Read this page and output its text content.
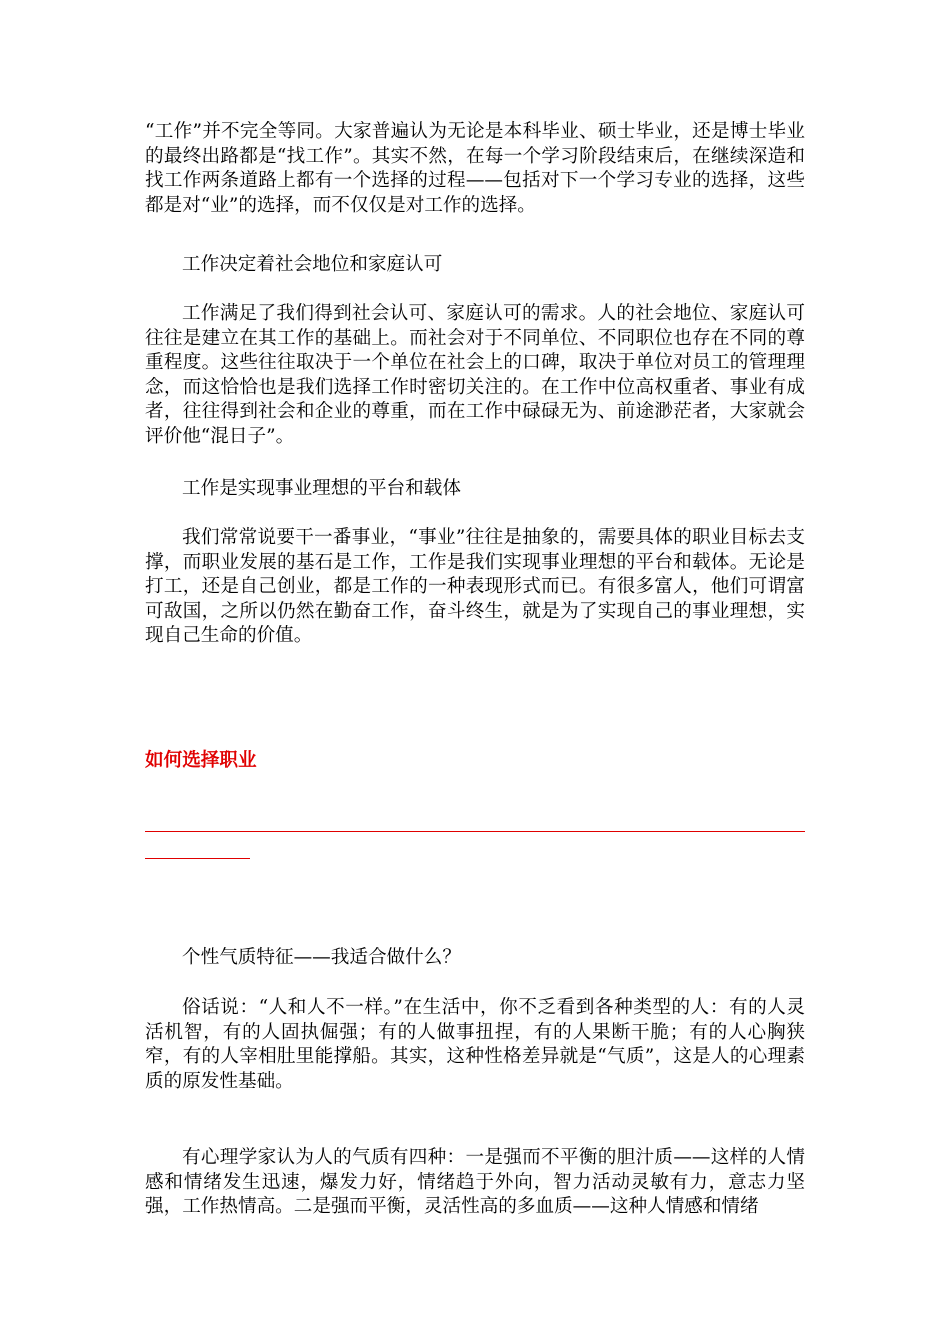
“工作”并不完全等同。大家普遍认为无论是本科毕业、硕士毕业，还是博士毕业的最终出路都是“找工作”。其实不然，在每一个学习阶段结束后，在继续深造和找工作两条道路上都有一个选择的过程——包括对下一个学习专业的选择，这些都是对“业”的选择，而不仅仅是对工作的选择。

工作决定着社会地位和家庭认可

工作满足了我们得到社会认可、家庭认可的需求。人的社会地位、家庭认可往往是建立在其工作的基础上。而社会对于不同单位、不同职位也存在不同的尊重程度。这些往往取决于一个单位在社会上的口碑，取决于单位对员工的管理理念，而这恰恰也是我们选择工作时密切关注的。在工作中位高权重者、事业有成者，往往得到社会和企业的尊重，而在工作中碌碌无为、前途渺茫者，大家就会评价他“混日子”。

工作是实现事业理想的平台和载体

我们常常说要干一番事业，“事业”往往是抽象的，需要具体的职业目标去支撑，而职业发展的基石是工作，工作是我们实现事业理想的平台和载体。无论是打工，还是自己创业，都是工作的一种表现形式而已。有很多富人，他们可谓富可敌国，之所以仍然在勤奋工作，奋斗终生，就是为了实现自己的事业理想，实现自己生命的价值。

如何选择职业

个性气质特征——我适合做什么？

俗话说：“人和人不一样。”在生活中，你不乏看到各种类型的人：有的人灵活机智，有的人固执倔强；有的人做事扭捏，有的人果断干脆；有的人心胸狭窄，有的人宰相肚里能撑船。其实，这种性格差异就是“气质”，这是人的心理素质的原发性基础。

有心理学家认为人的气质有四种：一是强而不平衡的胆汁质——这样的人情感和情绪发生迅速，爆发力好，情绪趋于外向，智力活动灵敏有力，意志力坚强，工作热情高。二是强而平衡，灵活性高的多血质——这种人情感和情绪
